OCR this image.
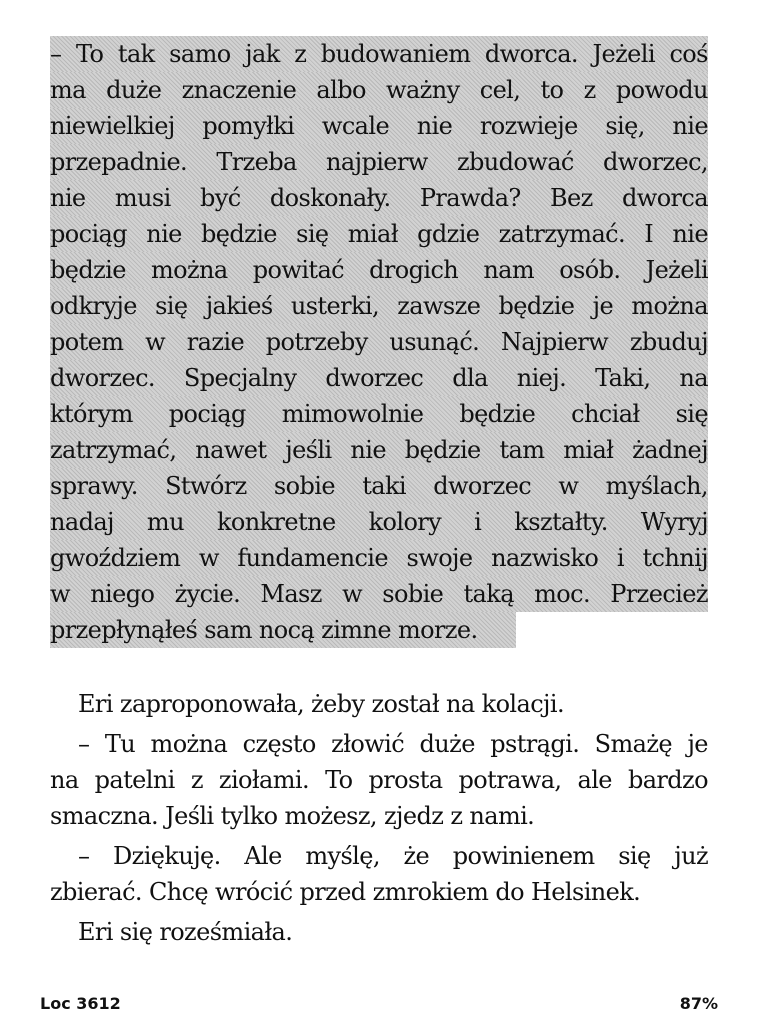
– To tak samo jak z budowaniem dworca. Jeżeli coś
ma duże znaczenie albo ważny cel, to z powodu
niewielkiej pomyłki wcale nie rozwieje się, nie
przepadnie. Trzeba najpierw zbudować dworzec,
nie musi być doskonały. Prawda? Bez dworca
pociąg nie będzie się miał gdzie zatrzymać. I nie
będzie można powitać drogich nam osób. Jeżeli
odkryje się jakieś usterki, zawsze będzie je można
potem w razie potrzeby usunąć. Najpierw zbuduj
dworzec. Specjalny dworzec dla niej. Taki, na
którym pociąg mimowolnie będzie chciał się
zatrzymać, nawet jeśli nie będzie tam miał żadnej
sprawy. Stwórz sobie taki dworzec w myślach,
nadaj mu konkretne kolory i kształty. Wyryj
gwoździem w fundamencie swoje nazwisko i tchnij
w niego życie. Masz w sobie taką moc. Przecież
przepłynąłeś sam nocą zimne morze.
Eri zaproponowała, żeby został na kolacji.
– Tu można często złowić duże pstrągi. Smażę je
na patelni z ziołami. To prosta potrawa, ale bardzo
smaczna. Jeśli tylko możesz, zjedz z nami.
– Dziękuję. Ale myślę, że powinienem się już
zbierać. Chcę wrócić przed zmrokiem do Helsinek.
Eri się roześmiała.
Loc 3612	87%
